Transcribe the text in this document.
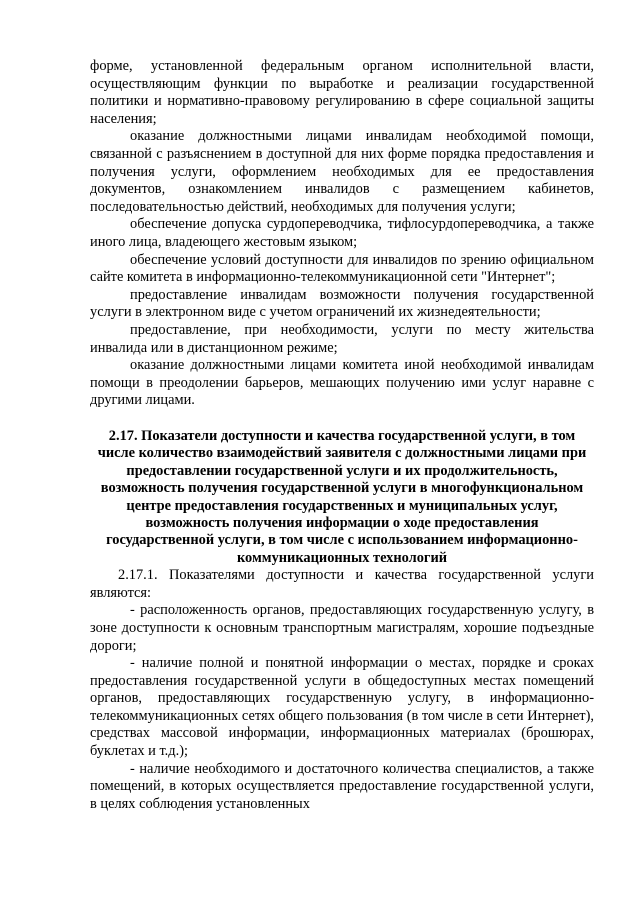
форме, установленной федеральным органом исполнительной власти, осуществляющим функции по выработке и реализации государственной политики и нормативно-правовому регулированию в сфере социальной защиты населения;

оказание должностными лицами инвалидам необходимой помощи, связанной с разъяснением в доступной для них форме порядка предоставления и получения услуги, оформлением необходимых для ее предоставления документов, ознакомлением инвалидов с размещением кабинетов, последовательностью действий, необходимых для получения услуги;

обеспечение допуска сурдопереводчика, тифлосурдопереводчика, а также иного лица, владеющего жестовым языком;

обеспечение условий доступности для инвалидов по зрению официальном сайте комитета в информационно-телекоммуникационной сети "Интернет";

предоставление инвалидам возможности получения государственной услуги в электронном виде с учетом ограничений их жизнедеятельности;

предоставление, при необходимости, услуги по месту жительства инвалида или в дистанционном режиме;

оказание должностными лицами комитета иной необходимой инвалидам помощи в преодолении барьеров, мешающих получению ими услуг наравне с другими лицами.

2.17. Показатели доступности и качества государственной услуги, в том числе количество взаимодействий заявителя с должностными лицами при предоставлении государственной услуги и их продолжительность, возможность получения государственной услуги в многофункциональном центре предоставления государственных и муниципальных услуг, возможность получения информации о ходе предоставления государственной услуги, в том числе с использованием информационно-коммуникационных технологий

2.17.1. Показателями доступности и качества государственной услуги являются:

- расположенность органов, предоставляющих государственную услугу, в зоне доступности к основным транспортным магистралям, хорошие подъездные дороги;

- наличие полной и понятной информации о местах, порядке и сроках предоставления государственной услуги в общедоступных местах помещений органов, предоставляющих государственную услугу, в информационно-телекоммуникационных сетях общего пользования (в том числе в сети Интернет), средствах массовой информации, информационных материалах (брошюрах, буклетах и т.д.);

- наличие необходимого и достаточного количества специалистов, а также помещений, в которых осуществляется предоставление государственной услуги, в целях соблюдения установленных
